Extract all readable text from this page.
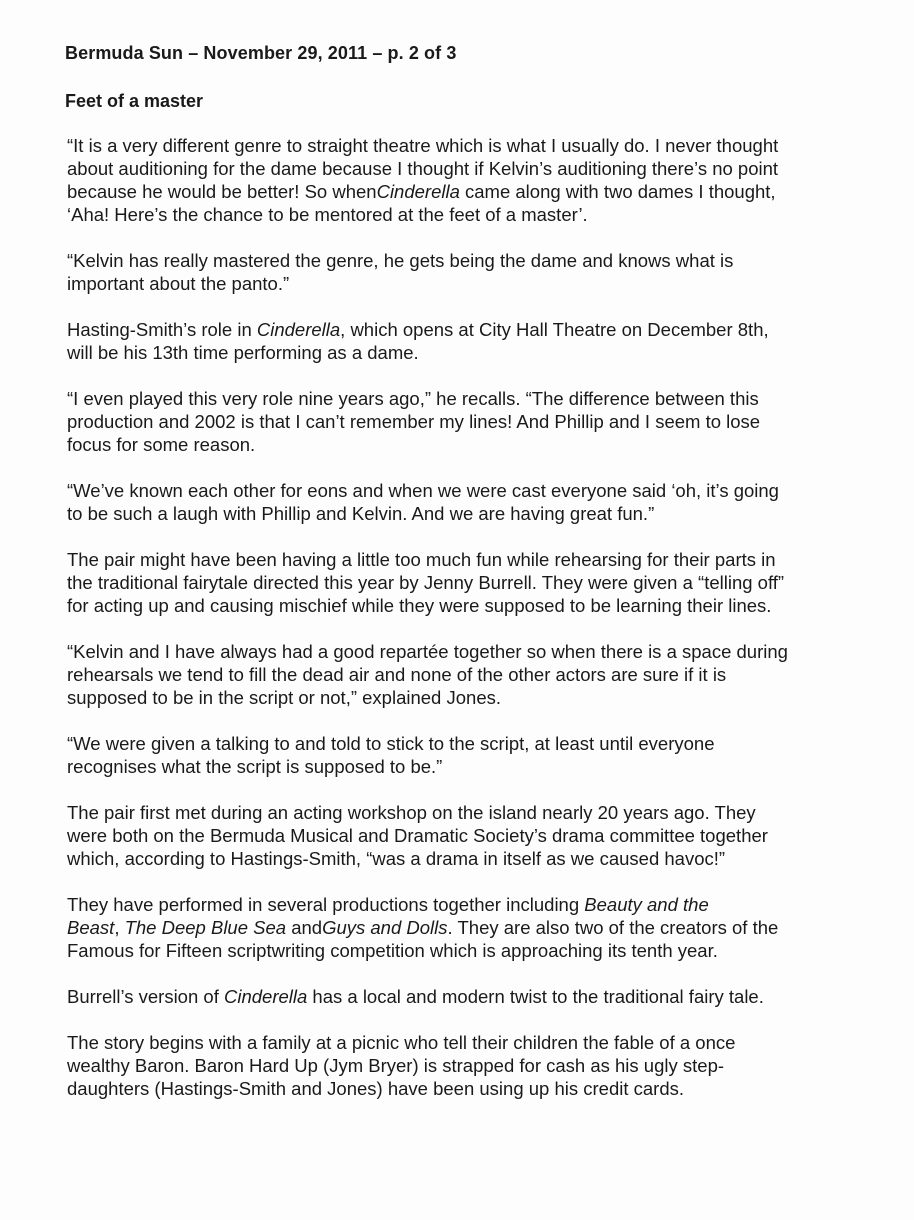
Bermuda Sun – November 29, 2011 – p. 2 of 3
Feet of a master
“It is a very different genre to straight theatre which is what I usually do. I never thought
about auditioning for the dame because I thought if Kelvin’s auditioning there’s no point
because he would be better! So whenCinderella came along with two dames I thought,
‘Aha! Here’s the chance to be mentored at the feet of a master’.
“Kelvin has really mastered the genre, he gets being the dame and knows what is
important about the panto.”
Hasting-Smith’s role in Cinderella, which opens at City Hall Theatre on December 8th,
will be his 13th time performing as a dame.
“I even played this very role nine years ago,” he recalls. “The difference between this
production and 2002 is that I can’t remember my lines! And Phillip and I seem to lose
focus for some reason.
“We’ve known each other for eons and when we were cast everyone said ‘oh, it’s going
to be such a laugh with Phillip and Kelvin. And we are having great fun.”
The pair might have been having a little too much fun while rehearsing for their parts in
the traditional fairytale directed this year by Jenny Burrell. They were given a “telling off”
for acting up and causing mischief while they were supposed to be learning their lines.
“Kelvin and I have always had a good repartée together so when there is a space during
rehearsals we tend to fill the dead air and none of the other actors are sure if it is
supposed to be in the script or not,” explained Jones.
“We were given a talking to and told to stick to the script, at least until everyone
recognises what the script is supposed to be.”
The pair first met during an acting workshop on the island nearly 20 years ago. They
were both on the Bermuda Musical and Dramatic Society’s drama committee together
which, according to Hastings-Smith, “was a drama in itself as we caused havoc!”
They have performed in several productions together including Beauty and the
Beast, The Deep Blue Sea andGuys and Dolls. They are also two of the creators of the
Famous for Fifteen scriptwriting competition which is approaching its tenth year.
Burrell’s version of Cinderella has a local and modern twist to the traditional fairy tale.
The story begins with a family at a picnic who tell their children the fable of a once
wealthy Baron. Baron Hard Up (Jym Bryer) is strapped for cash as his ugly step-
daughters (Hastings-Smith and Jones) have been using up his credit cards.
